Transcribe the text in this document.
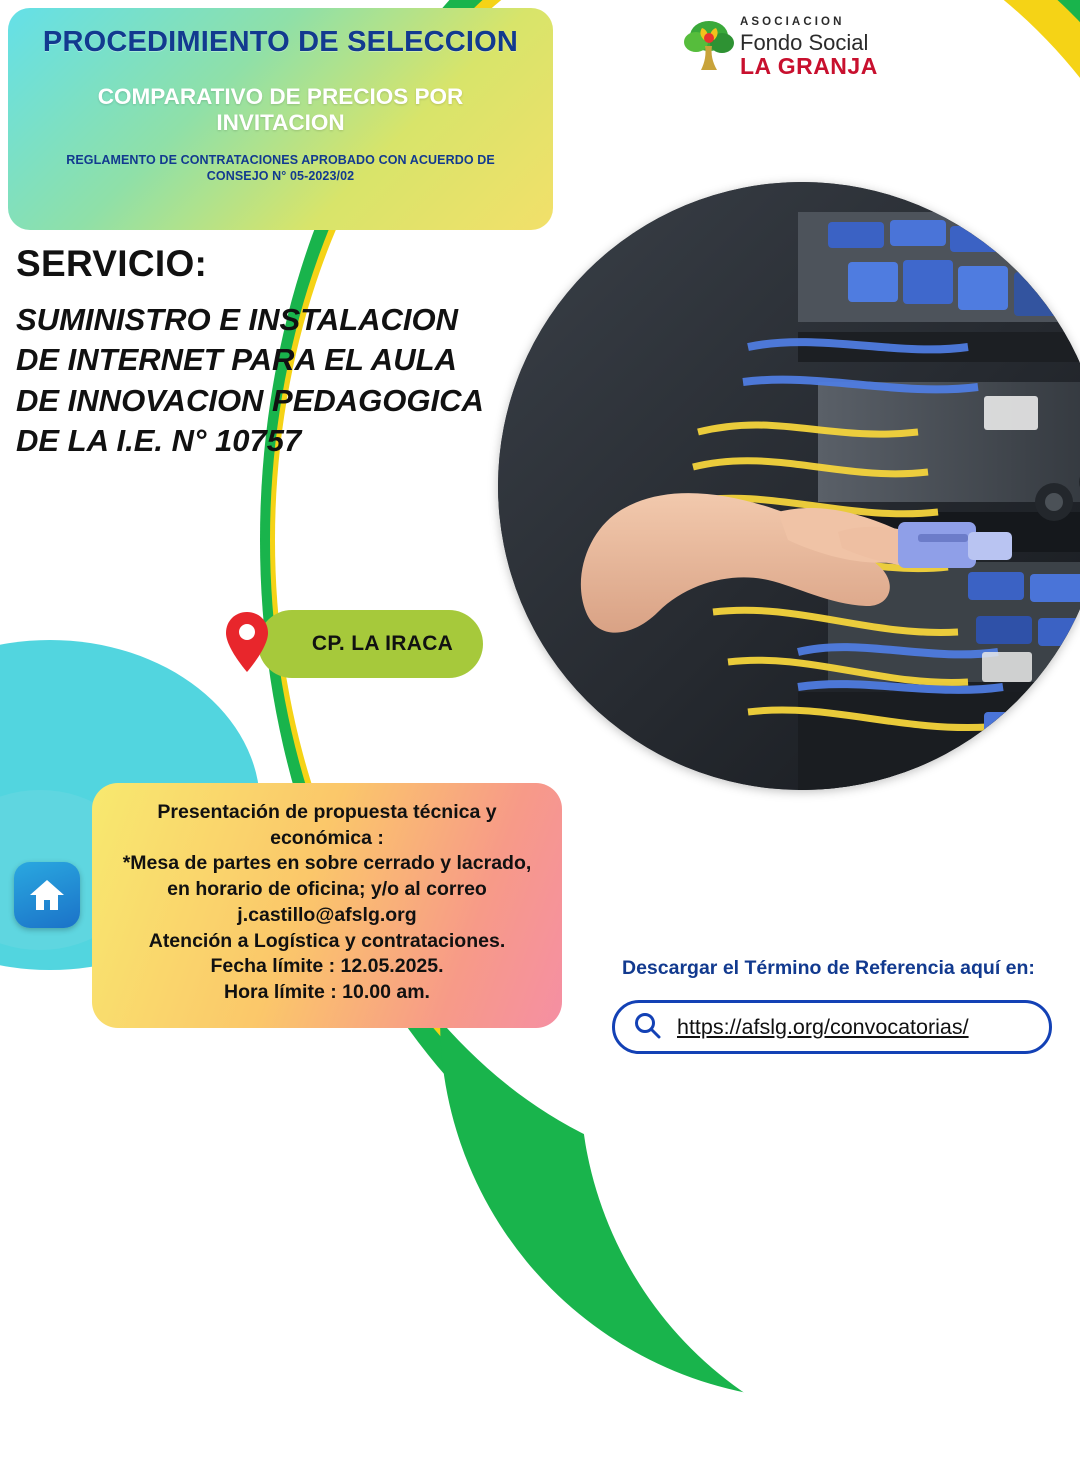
PROCEDIMIENTO DE SELECCION
COMPARATIVO DE PRECIOS POR INVITACION
REGLAMENTO DE CONTRATACIONES APROBADO CON ACUERDO DE CONSEJO N° 05-2023/02
ASOCIACION
Fondo Social
LA GRANJA
SERVICIO:
SUMINISTRO E INSTALACION DE INTERNET PARA EL AULA DE INNOVACION PEDAGOGICA DE LA I.E. N° 10757
CP. LA IRACA
Presentación de propuesta técnica y económica :
*Mesa de partes en sobre cerrado y lacrado, en horario de oficina; y/o al correo
j.castillo@afslg.org
Atención a Logística y contrataciones.
Fecha límite : 12.05.2025.
Hora límite : 10.00 am.
Descargar el Término de Referencia aquí en:
https://afslg.org/convocatorias/
